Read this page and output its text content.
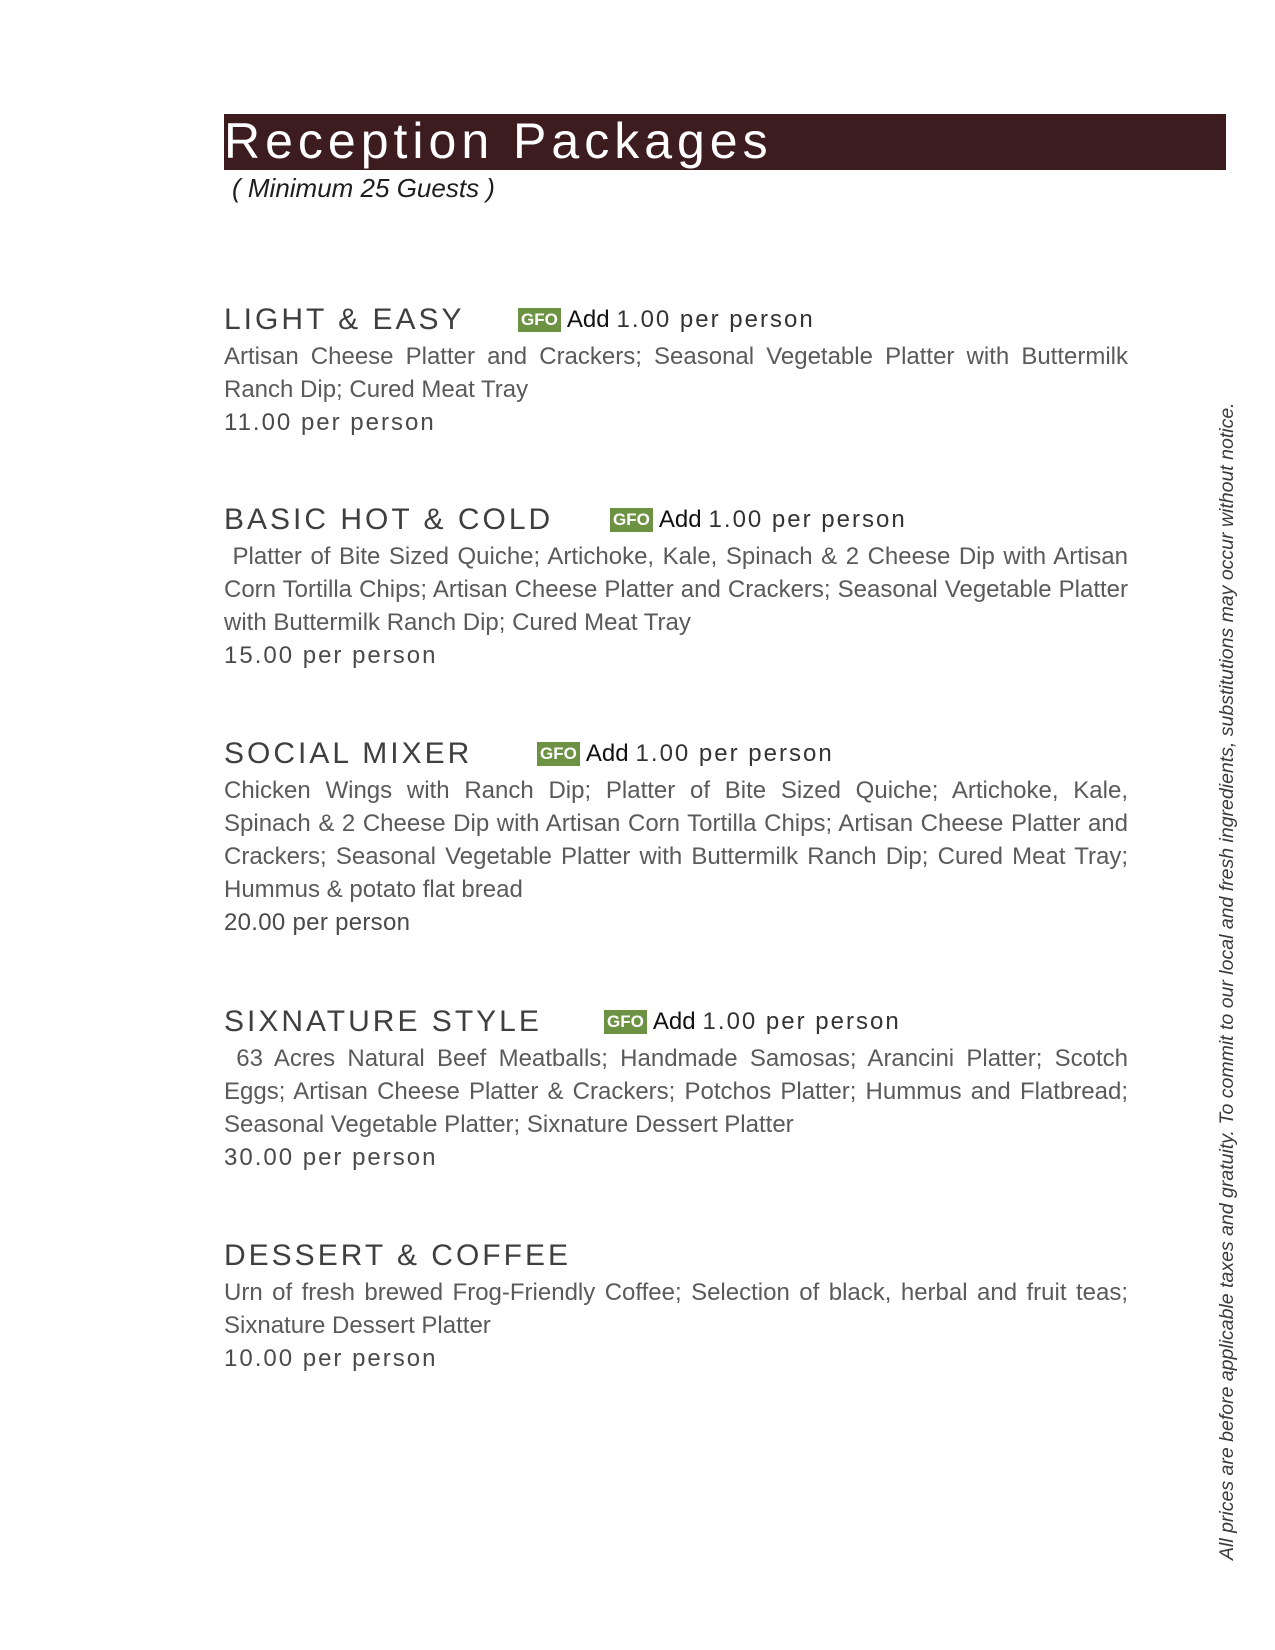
Reception Packages
( Minimum 25 Guests )
LIGHT & EASY	GFO Add 1.00 per person
Artisan Cheese Platter and Crackers; Seasonal Vegetable Platter with Buttermilk Ranch Dip; Cured Meat Tray
11.00 per person
BASIC HOT & COLD	GFO Add 1.00 per person
Platter of Bite Sized Quiche; Artichoke, Kale, Spinach & 2 Cheese Dip with Artisan Corn Tortilla Chips; Artisan Cheese Platter and Crackers; Seasonal Vegetable Platter with Buttermilk Ranch Dip; Cured Meat Tray
15.00 per person
SOCIAL MIXER	GFO Add 1.00 per person
Chicken Wings with Ranch Dip; Platter of Bite Sized Quiche; Artichoke, Kale, Spinach & 2 Cheese Dip with Artisan Corn Tortilla Chips; Artisan Cheese Platter and Crackers; Seasonal Vegetable Platter with Buttermilk Ranch Dip; Cured Meat Tray; Hummus & potato flat bread
20.00 per person
SIXNATURE STYLE	GFO Add 1.00 per person
63 Acres Natural Beef Meatballs; Handmade Samosas; Arancini Platter; Scotch Eggs; Artisan Cheese Platter & Crackers; Potchos Platter; Hummus and Flatbread; Seasonal Vegetable Platter; Sixnature Dessert Platter
30.00 per person
DESSERT & COFFEE
Urn of fresh brewed Frog-Friendly Coffee; Selection of black, herbal and fruit teas; Sixnature Dessert Platter
10.00 per person	All prices are before applicable taxes and gratuity. To commit to our local and fresh ingredients, substitutions may occur without notice.
